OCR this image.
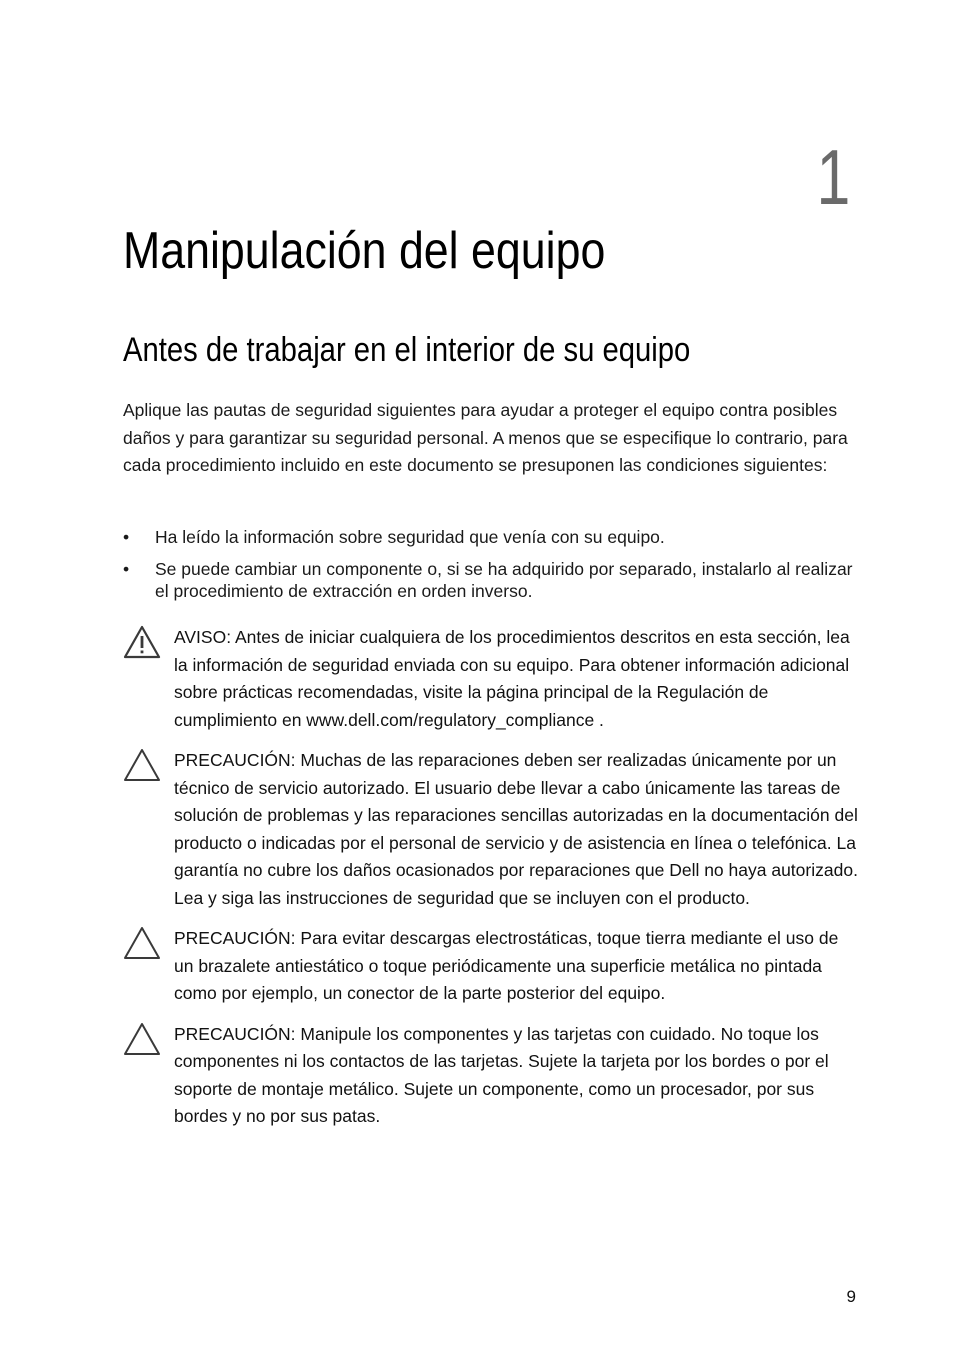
1
Manipulación del equipo
Antes de trabajar en el interior de su equipo

Aplique las pautas de seguridad siguientes para ayudar a proteger el equipo contra posibles daños y para garantizar su seguridad personal. A menos que se especifique lo contrario, para cada procedimiento incluido en este documento se presuponen las condiciones siguientes:

• Ha leído la información sobre seguridad que venía con su equipo.
• Se puede cambiar un componente o, si se ha adquirido por separado, instalarlo al realizar el procedimiento de extracción en orden inverso.

AVISO: Antes de iniciar cualquiera de los procedimientos descritos en esta sección, lea la información de seguridad enviada con su equipo. Para obtener información adicional sobre prácticas recomendadas, visite la página principal de la Regulación de cumplimiento en www.dell.com/regulatory_compliance .

PRECAUCIÓN: Muchas de las reparaciones deben ser realizadas únicamente por un técnico de servicio autorizado. El usuario debe llevar a cabo únicamente las tareas de solución de problemas y las reparaciones sencillas autorizadas en la documentación del producto o indicadas por el personal de servicio y de asistencia en línea o telefónica. La garantía no cubre los daños ocasionados por reparaciones que Dell no haya autorizado. Lea y siga las instrucciones de seguridad que se incluyen con el producto.

PRECAUCIÓN: Para evitar descargas electrostáticas, toque tierra mediante el uso de un brazalete antiestático o toque periódicamente una superficie metálica no pintada como por ejemplo, un conector de la parte posterior del equipo.

PRECAUCIÓN: Manipule los componentes y las tarjetas con cuidado. No toque los componentes ni los contactos de las tarjetas. Sujete la tarjeta por los bordes o por el soporte de montaje metálico. Sujete un componente, como un procesador, por sus bordes y no por sus patas.

9
